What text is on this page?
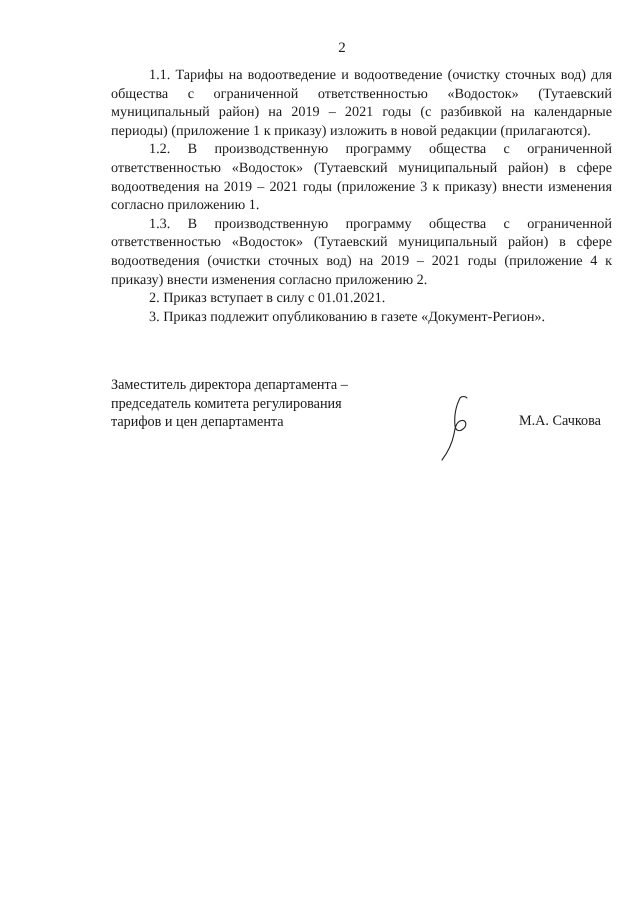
2

1.1. Тарифы на водоотведение и водоотведение (очистку сточных вод) для общества с ограниченной ответственностью «Водосток» (Тутаевский муниципальный район) на 2019 – 2021 годы (с разбивкой на календарные периоды) (приложение 1 к приказу) изложить в новой редакции (прилагаются).

1.2. В производственную программу общества с ограниченной ответственностью «Водосток» (Тутаевский муниципальный район) в сфере водоотведения на 2019 – 2021 годы (приложение 3 к приказу) внести изменения согласно приложению 1.

1.3. В производственную программу общества с ограниченной ответственностью «Водосток» (Тутаевский муниципальный район) в сфере водоотведения (очистки сточных вод) на 2019 – 2021 годы (приложение 4 к приказу) внести изменения согласно приложению 2.

2. Приказ вступает в силу с 01.01.2021.

3. Приказ подлежит опубликованию в газете «Документ-Регион».

Заместитель директора департамента –
председатель комитета регулирования
тарифов и цен департамента	М.А. Сачкова
